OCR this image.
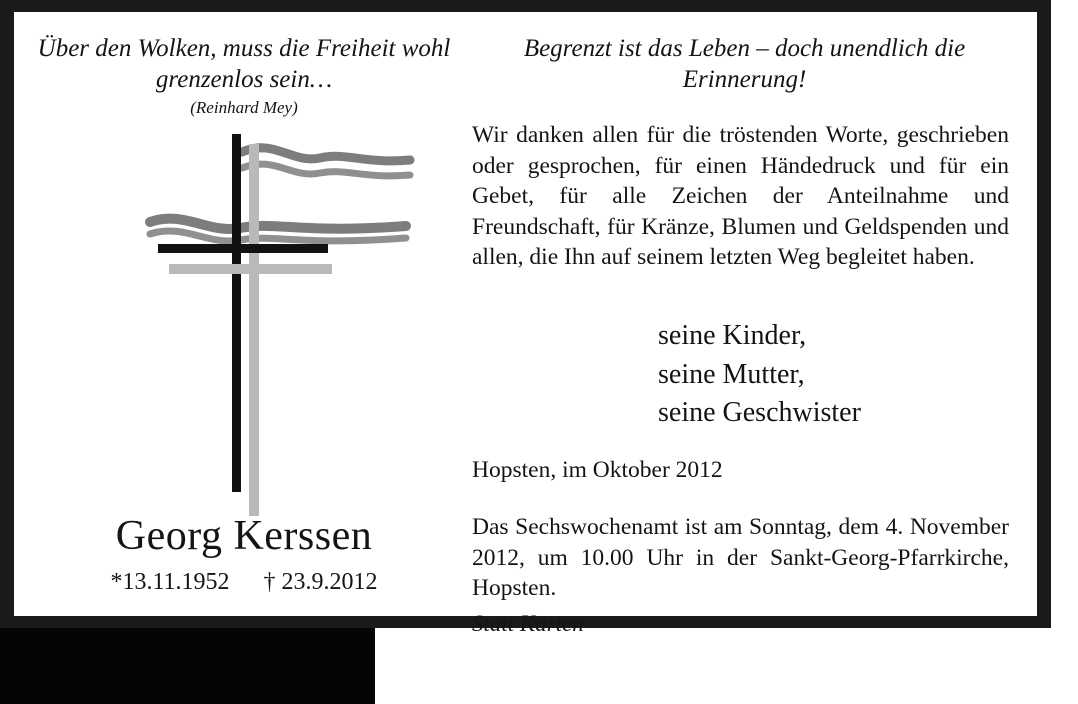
Über den Wolken, muss die Freiheit wohl grenzenlos sein…
(Reinhard Mey)
Georg Kerssen
*13.11.1952 † 23.9.2012
Begrenzt ist das Leben – doch unendlich die Erinnerung!
Wir danken allen für die tröstenden Worte, geschrieben oder gesprochen, für einen Händedruck und für ein Gebet, für alle Zeichen der Anteilnahme und Freundschaft, für Kränze, Blumen und Geldspenden und allen, die Ihn auf seinem letzten Weg begleitet haben.
seine Kinder,
seine Mutter,
seine Geschwister
Hopsten, im Oktober 2012
Das Sechswochenamt ist am Sonntag, dem 4. November 2012, um 10.00 Uhr in der Sankt-Georg-Pfarrkirche, Hopsten.
Statt Karten
